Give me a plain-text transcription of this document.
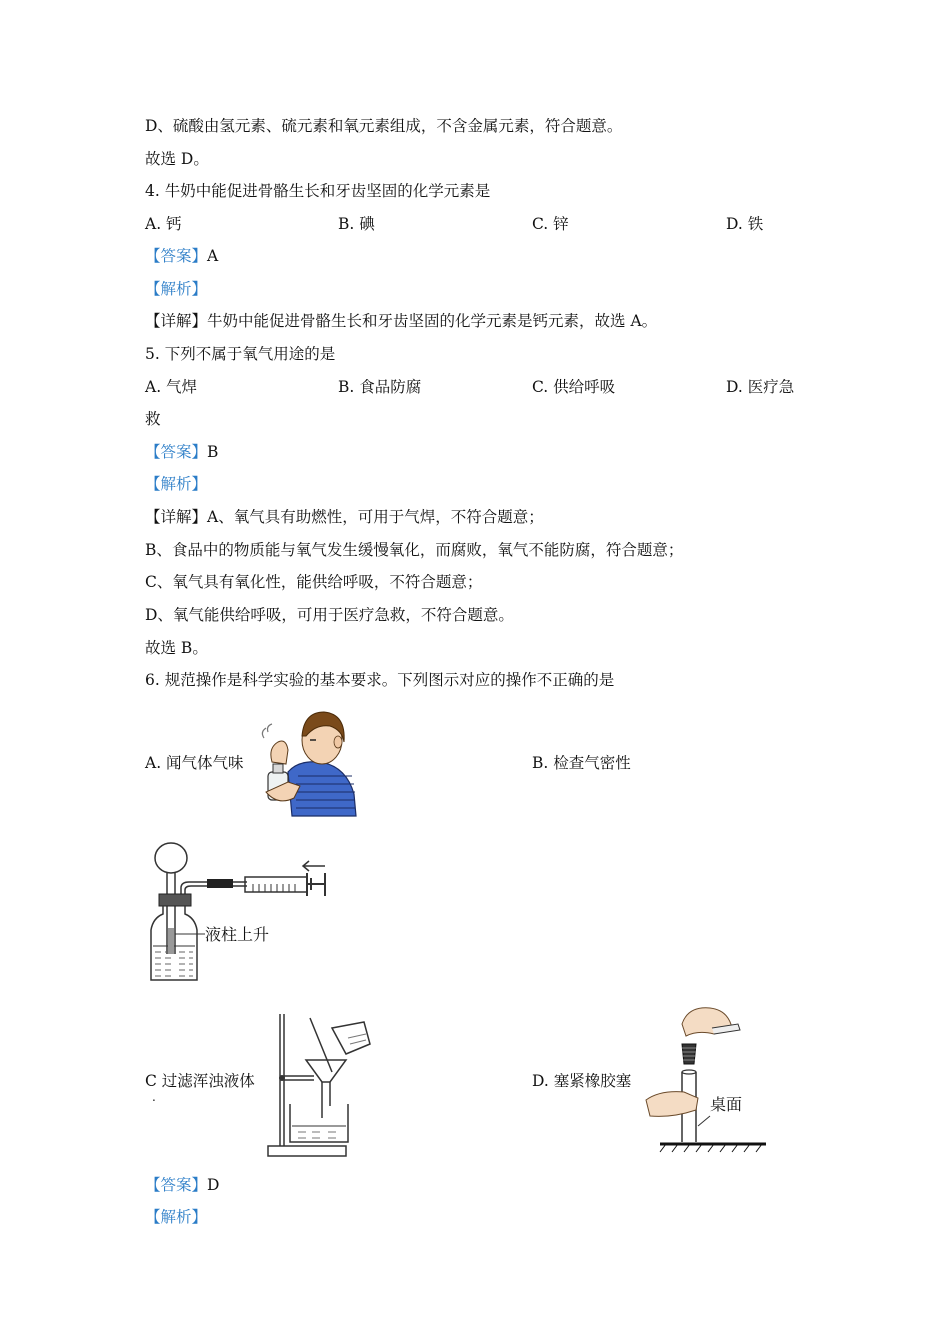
D、硫酸由氢元素、硫元素和氧元素组成，不含金属元素，符合题意。
故选 D。
4. 牛奶中能促进骨骼生长和牙齿坚固的化学元素是
A. 钙	B. 碘	C. 锌	D. 铁
【答案】A
【解析】
【详解】牛奶中能促进骨骼生长和牙齿坚固的化学元素是钙元素，故选 A。
5. 下列不属于氧气用途的是
A. 气焊	B. 食品防腐	C. 供给呼吸	D. 医疗急
救
【答案】B
【解析】
【详解】A、氧气具有助燃性，可用于气焊，不符合题意；
B、食品中的物质能与氧气发生缓慢氧化，而腐败，氧气不能防腐，符合题意；
C、氧气具有氧化性，能供给呼吸，不符合题意；
D、氧气能供给呼吸，可用于医疗急救，不符合题意。
故选 B。
6. 规范操作是科学实验的基本要求。下列图示对应的操作不正确的是
A. 闻气体气味	B. 检查气密性
液柱上升
C 过滤浑浊液体
.
D. 塞紧橡胶塞
桌面
【答案】D
【解析】
